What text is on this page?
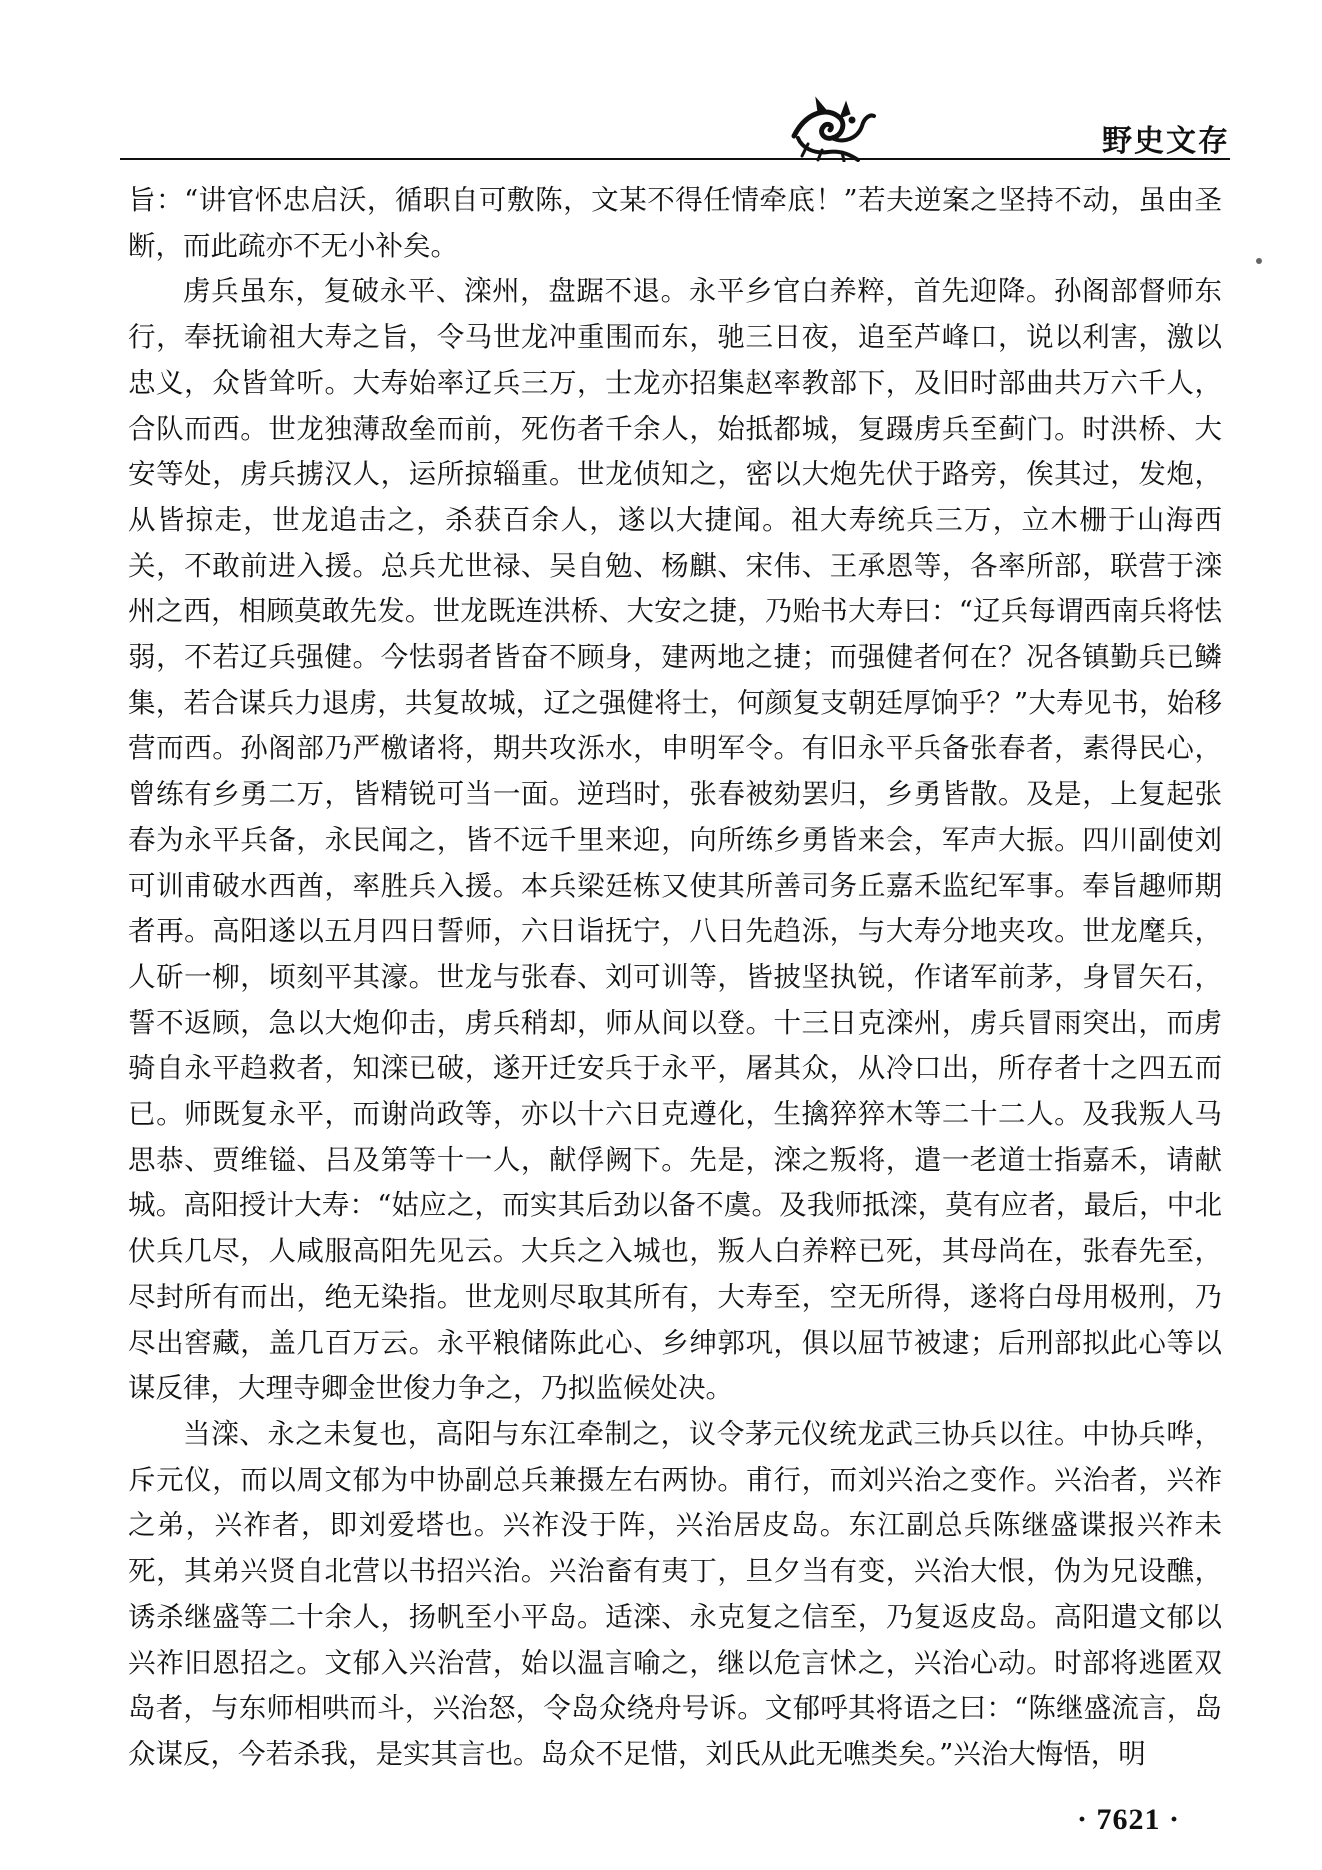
野史文存

旨：“讲官怀忠启沃，循职自可敷陈，文某不得任情牵底！”若夫逆案之坚持不动，虽由圣断，而此疏亦不无小补矣。

虏兵虽东，复破永平、滦州，盘踞不退。永平乡官白养粹，首先迎降。孙阁部督师东行，奉抚谕祖大寿之旨，令马世龙冲重围而东，驰三日夜，追至芦峰口，说以利害，激以忠义，众皆耸听。大寿始率辽兵三万，士龙亦招集赵率教部下，及旧时部曲共万六千人，合队而西。世龙独薄敌垒而前，死伤者千余人，始抵都城，复蹑虏兵至蓟门。时洪桥、大安等处，虏兵掳汉人，运所掠辎重。世龙侦知之，密以大炮先伏于路旁，俟其过，发炮，从皆掠走，世龙追击之，杀获百余人，遂以大捷闻。祖大寿统兵三万，立木栅于山海西关，不敢前进入援。总兵尤世禄、吴自勉、杨麒、宋伟、王承恩等，各率所部，联营于滦州之西，相顾莫敢先发。世龙既连洪桥、大安之捷，乃贻书大寿曰：“辽兵每谓西南兵将怯弱，不若辽兵强健。今怯弱者皆奋不顾身，建两地之捷；而强健者何在？况各镇勤兵已鳞集，若合谋兵力退虏，共复故城，辽之强健将士，何颜复支朝廷厚饷乎？”大寿见书，始移营而西。孙阁部乃严檄诸将，期共攻泺水，申明军令。有旧永平兵备张春者，素得民心，曾练有乡勇二万，皆精锐可当一面。逆珰时，张春被劾罢归，乡勇皆散。及是，上复起张春为永平兵备，永民闻之，皆不远千里来迎，向所练乡勇皆来会，军声大振。四川副使刘可训甫破水西酋，率胜兵入援。本兵梁廷栋又使其所善司务丘嘉禾监纪军事。奉旨趣师期者再。高阳遂以五月四日誓师，六日诣抚宁，八日先趋泺，与大寿分地夹攻。世龙麾兵，人斫一柳，顷刻平其濠。世龙与张春、刘可训等，皆披坚执锐，作诸军前茅，身冒矢石，誓不返顾，急以大炮仰击，虏兵稍却，师从间以登。十三日克滦州，虏兵冒雨突出，而虏骑自永平趋救者，知滦已破，遂开迁安兵于永平，屠其众，从冷口出，所存者十之四五而已。师既复永平，而谢尚政等，亦以十六日克遵化，生擒猝猝木等二十二人。及我叛人马思恭、贾维镒、吕及第等十一人，献俘阙下。先是，滦之叛将，遣一老道士指嘉禾，请献城。高阳授计大寿：“姑应之，而实其后劲以备不虞。及我师抵滦，莫有应者，最后，中北伏兵几尽，人咸服高阳先见云。大兵之入城也，叛人白养粹已死，其母尚在，张春先至，尽封所有而出，绝无染指。世龙则尽取其所有，大寿至，空无所得，遂将白母用极刑，乃尽出窖藏，盖几百万云。永平粮储陈此心、乡绅郭巩，俱以屈节被逮；后刑部拟此心等以谋反律，大理寺卿金世俊力争之，乃拟监候处决。

当滦、永之未复也，高阳与东江牵制之，议令茅元仪统龙武三协兵以往。中协兵哗，斥元仪，而以周文郁为中协副总兵兼摄左右两协。甫行，而刘兴治之变作。兴治者，兴祚之弟，兴祚者，即刘爱塔也。兴祚没于阵，兴治居皮岛。东江副总兵陈继盛谍报兴祚未死，其弟兴贤自北营以书招兴治。兴治畜有夷丁，旦夕当有变，兴治大恨，伪为兄设醮，诱杀继盛等二十余人，扬帆至小平岛。适滦、永克复之信至，乃复返皮岛。高阳遣文郁以兴祚旧恩招之。文郁入兴治营，始以温言喻之，继以危言怵之，兴治心动。时部将逃匿双岛者，与东师相哄而斗，兴治怒，令岛众绕舟号诉。文郁呼其将语之曰：“陈继盛流言，岛众谋反，今若杀我，是实其言也。岛众不足惜，刘氏从此无噍类矣。”兴治大悔悟，明

· 7621 ·
